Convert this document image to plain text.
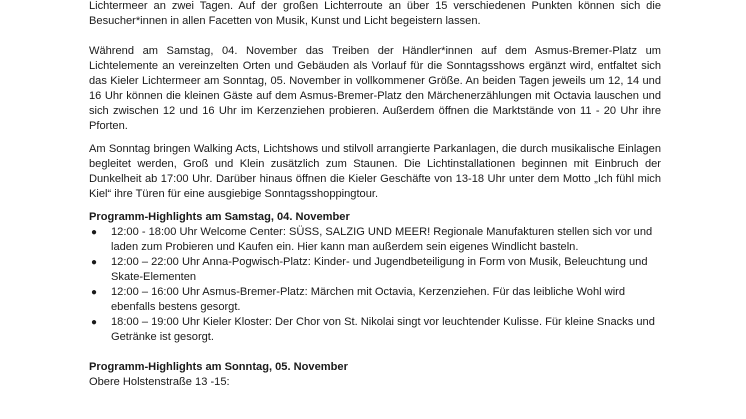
Lichtermeer an zwei Tagen. Auf der großen Lichterroute an über 15 verschiedenen Punkten können sich die Besucher*innen in allen Facetten von Musik, Kunst und Licht begeistern lassen.

Während am Samstag, 04. November das Treiben der Händler*innen auf dem Asmus-Bremer-Platz um Lichtelemente an vereinzelten Orten und Gebäuden als Vorlauf für die Sonntagsshows ergänzt wird, entfaltet sich das Kieler Lichtermeer am Sonntag, 05. November in vollkommener Größe. An beiden Tagen jeweils um 12, 14 und 16 Uhr können die kleinen Gäste auf dem Asmus-Bremer-Platz den Märchenerzählungen mit Octavia lauschen und sich zwischen 12 und 16 Uhr im Kerzenziehen probieren. Außerdem öffnen die Marktstände von 11 - 20 Uhr ihre Pforten.

Am Sonntag bringen Walking Acts, Lichtshows und stilvoll arrangierte Parkanlagen, die durch musikalische Einlagen begleitet werden, Groß und Klein zusätzlich zum Staunen. Die Lichtinstallationen beginnen mit Einbruch der Dunkelheit ab 17:00 Uhr. Darüber hinaus öffnen die Kieler Geschäfte von 13-18 Uhr unter dem Motto „Ich fühl mich Kiel“ ihre Türen für eine ausgiebige Sonntagsshoppingtour.

Programm-Highlights am Samstag, 04. November
● 12:00 - 18:00 Uhr Welcome Center: SÜSS, SALZIG UND MEER! Regionale Manufakturen stellen sich vor und laden zum Probieren und Kaufen ein. Hier kann man außerdem sein eigenes Windlicht basteln.
● 12:00 – 22:00 Uhr Anna-Pogwisch-Platz: Kinder- und Jugendbeteiligung in Form von Musik, Beleuchtung und Skate-Elementen
● 12:00 – 16:00 Uhr Asmus-Bremer-Platz: Märchen mit Octavia, Kerzenziehen. Für das leibliche Wohl wird ebenfalls bestens gesorgt.
● 18:00 – 19:00 Uhr Kieler Kloster: Der Chor von St. Nikolai singt vor leuchtender Kulisse. Für kleine Snacks und Getränke ist gesorgt.
Programm-Highlights am Sonntag, 05. November

Obere Holstenstraße 13 -15:
